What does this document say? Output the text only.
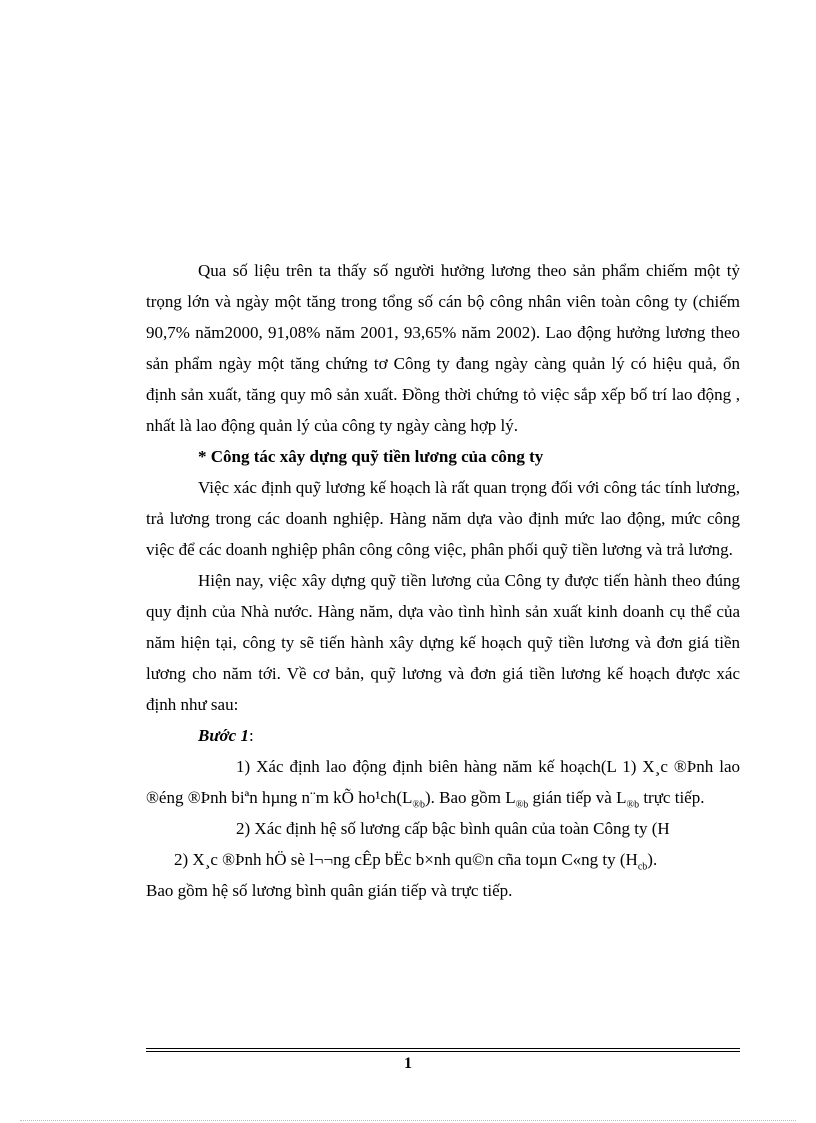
Qua số liệu trên ta thấy số người hưởng lương theo sản phẩm chiếm một tỷ trọng lớn và ngày một tăng trong tổng số cán bộ công nhân viên toàn công ty (chiếm 90,7% năm2000, 91,08% năm 2001, 93,65% năm 2002). Lao động hưởng lương theo sản phẩm ngày một tăng chứng tơ Công ty đang ngày càng quản lý có hiệu quả, ổn định sản xuất, tăng quy mô sản xuất. Đồng thời chứng tỏ việc sắp xếp bố trí lao động , nhất là lao động quản lý của công ty ngày càng hợp lý.

* Công tác xây dựng quỹ tiền lương của công ty

Việc xác định quỹ lương kế hoạch là rất quan trọng đối với công tác tính lương, trả lương trong các doanh nghiệp. Hàng năm dựa vào định mức lao động, mức công việc để các doanh nghiệp phân công công việc, phân phối quỹ tiền lương và trả lương.

Hiện nay, việc xây dựng quỹ tiền lương của Công ty được tiến hành theo đúng quy định của Nhà nước. Hàng năm, dựa vào tình hình sản xuất kinh doanh cụ thể của năm hiện tại, công ty sẽ tiến hành xây dựng kế hoạch quỹ tiền lương và đơn giá tiền lương cho năm tới. Về cơ bản, quỹ lương và đơn giá tiền lương kế hoạch được xác định như sau:

Bước 1:

1) Xác định lao động định biên hàng năm kế hoạch(L 1) X¸c ®Þnh lao ®éng ®Þnh biªn hµng n¨m kÕ $ho^1ch(L_{®b})$. Bao gồm $L_{®b}$ gián tiếp và $L_{®b}$ trực tiếp.

2) Xác định hệ số lương cấp bậc bình quân của toàn Công ty (H

2) X¸c ®Þnh hÖ sè l¬¬ng cÊp bËc b×nh qu©n cña toµn C«ng ty $(H_{cb})$.

Bao gồm hệ số lương bình quân gián tiếp và trực tiếp.

1
